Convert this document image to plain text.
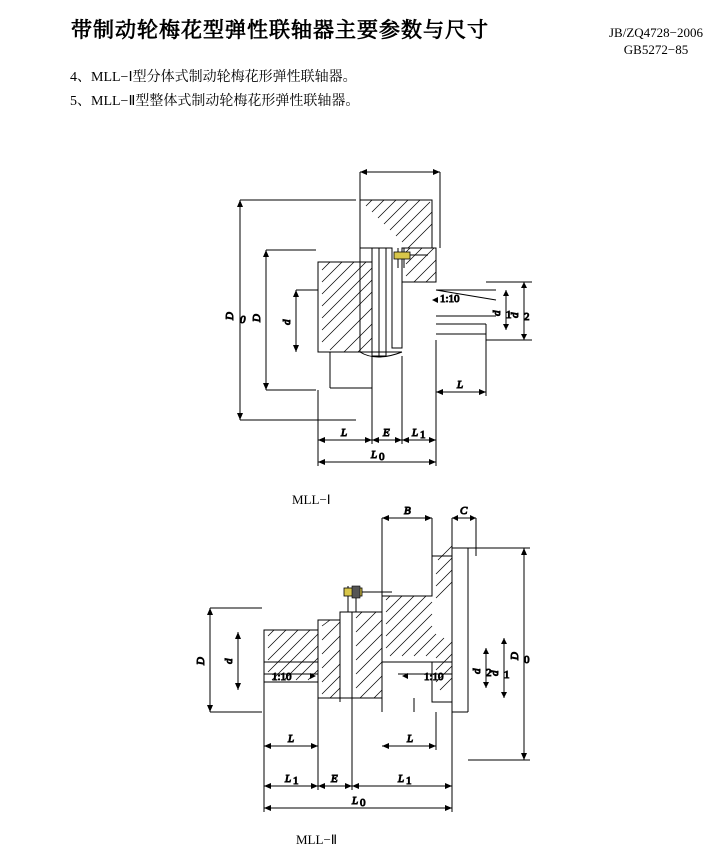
带制动轮梅花型弹性联轴器主要参数与尺寸	JB/ZQ4728−2006
GB5272−85
4、MLL−Ⅰ型分体式制动轮梅花形弹性联轴器。
5、MLL−Ⅱ型整体式制动轮梅花形弹性联轴器。
MLL−Ⅰ
MLL−Ⅱ
1:10
D 0 D
d
d 1
d 2
L
L	E L 1
L 0
B	C
1:10	1:10
D d
d 2
d 1
D 0
L	L
L 1	E	L 1
L 0
